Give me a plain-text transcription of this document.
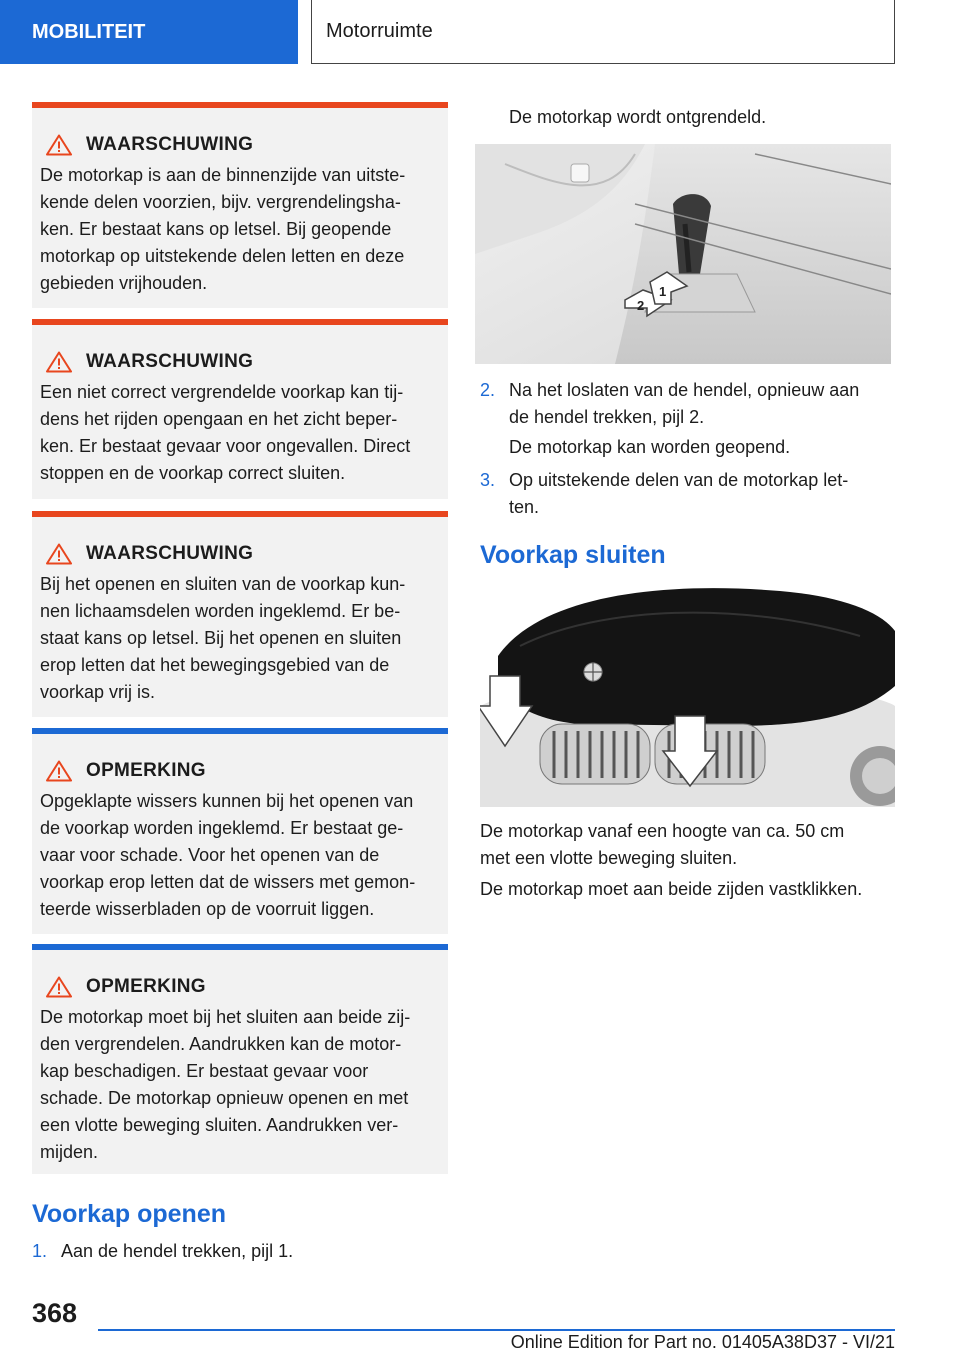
MOBILITEIT	Motorruimte
WAARSCHUWING
De motorkap is aan de binnenzijde van uitste-
kende delen voorzien, bijv. vergrendelingsha-
ken. Er bestaat kans op letsel. Bij geopende
motorkap op uitstekende delen letten en deze
gebieden vrijhouden.
WAARSCHUWING
Een niet correct vergrendelde voorkap kan tij-
dens het rijden opengaan en het zicht beper-
ken. Er bestaat gevaar voor ongevallen. Direct
stoppen en de voorkap correct sluiten.
WAARSCHUWING
Bij het openen en sluiten van de voorkap kun-
nen lichaamsdelen worden ingeklemd. Er be-
staat kans op letsel. Bij het openen en sluiten
erop letten dat het bewegingsgebied van de
voorkap vrij is.
OPMERKING
Opgeklapte wissers kunnen bij het openen van
de voorkap worden ingeklemd. Er bestaat ge-
vaar voor schade. Voor het openen van de
voorkap erop letten dat de wissers met gemon-
teerde wisserbladen op de voorruit liggen.
OPMERKING
De motorkap moet bij het sluiten aan beide zij-
den vergrendelen. Aandrukken kan de motor-
kap beschadigen. Er bestaat gevaar voor
schade. De motorkap opnieuw openen en met
een vlotte beweging sluiten. Aandrukken ver-
mijden.
Voorkap openen
1. Aan de hendel trekken, pijl 1.
De motorkap wordt ontgrendeld.
1
2
2. Na het loslaten van de hendel, opnieuw aan
de hendel trekken, pijl 2.
De motorkap kan worden geopend.
3. Op uitstekende delen van de motorkap let-
ten.
Voorkap sluiten
De motorkap vanaf een hoogte van ca. 50 cm
met een vlotte beweging sluiten.
De motorkap moet aan beide zijden vastklikken.
368
Online Edition for Part no. 01405A38D37 - VI/21
